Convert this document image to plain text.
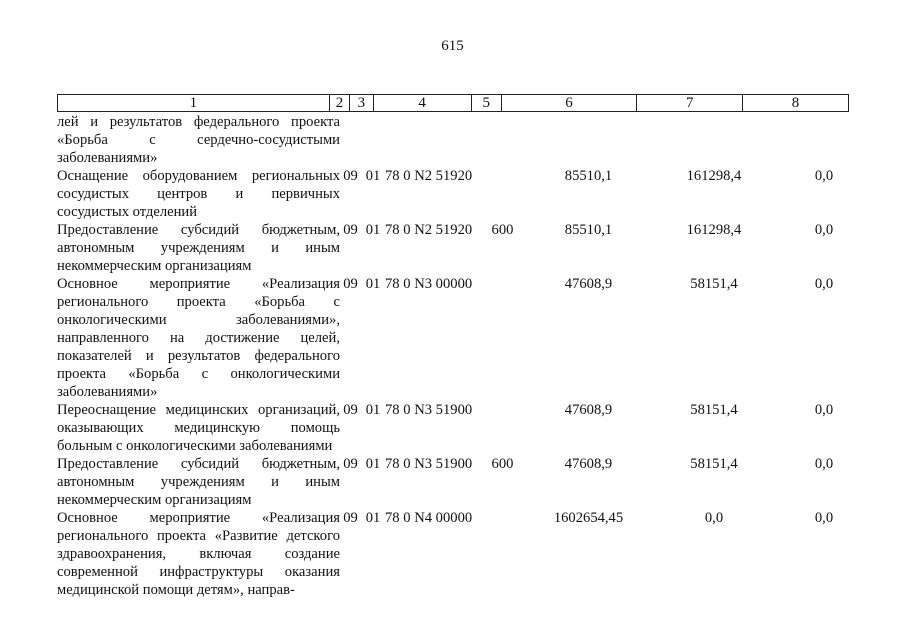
615
1	2	3	4	5	6	7	8
лей и результатов федерального проекта «Борьба с сердечно-сосудистыми заболеваниями»							
Оснащение оборудованием региональных сосудистых центров и первичных сосудистых отделений	09	01	78 0 N2 51920		85510,1	161298,4	0,0
Предоставление субсидий бюджетным, автономным учреждениям и иным некоммерческим организациям	09	01	78 0 N2 51920	600	85510,1	161298,4	0,0
Основное мероприятие «Реализация регионального проекта «Борьба с онкологическими заболеваниями», направленного на достижение целей, показателей и результатов федерального проекта «Борьба с онкологическими заболеваниями»	09	01	78 0 N3 00000		47608,9	58151,4	0,0
Переоснащение медицинских организаций, оказывающих медицинскую помощь больным с онкологическими заболеваниями	09	01	78 0 N3 51900		47608,9	58151,4	0,0
Предоставление субсидий бюджетным, автономным учреждениям и иным некоммерческим организациям	09	01	78 0 N3 51900	600	47608,9	58151,4	0,0
Основное мероприятие «Реализация регионального проекта «Развитие детского здравоохранения, включая создание современной инфраструктуры оказания медицинской помощи детям», направ-	09	01	78 0 N4 00000		1602654,45	0,0	0,0
